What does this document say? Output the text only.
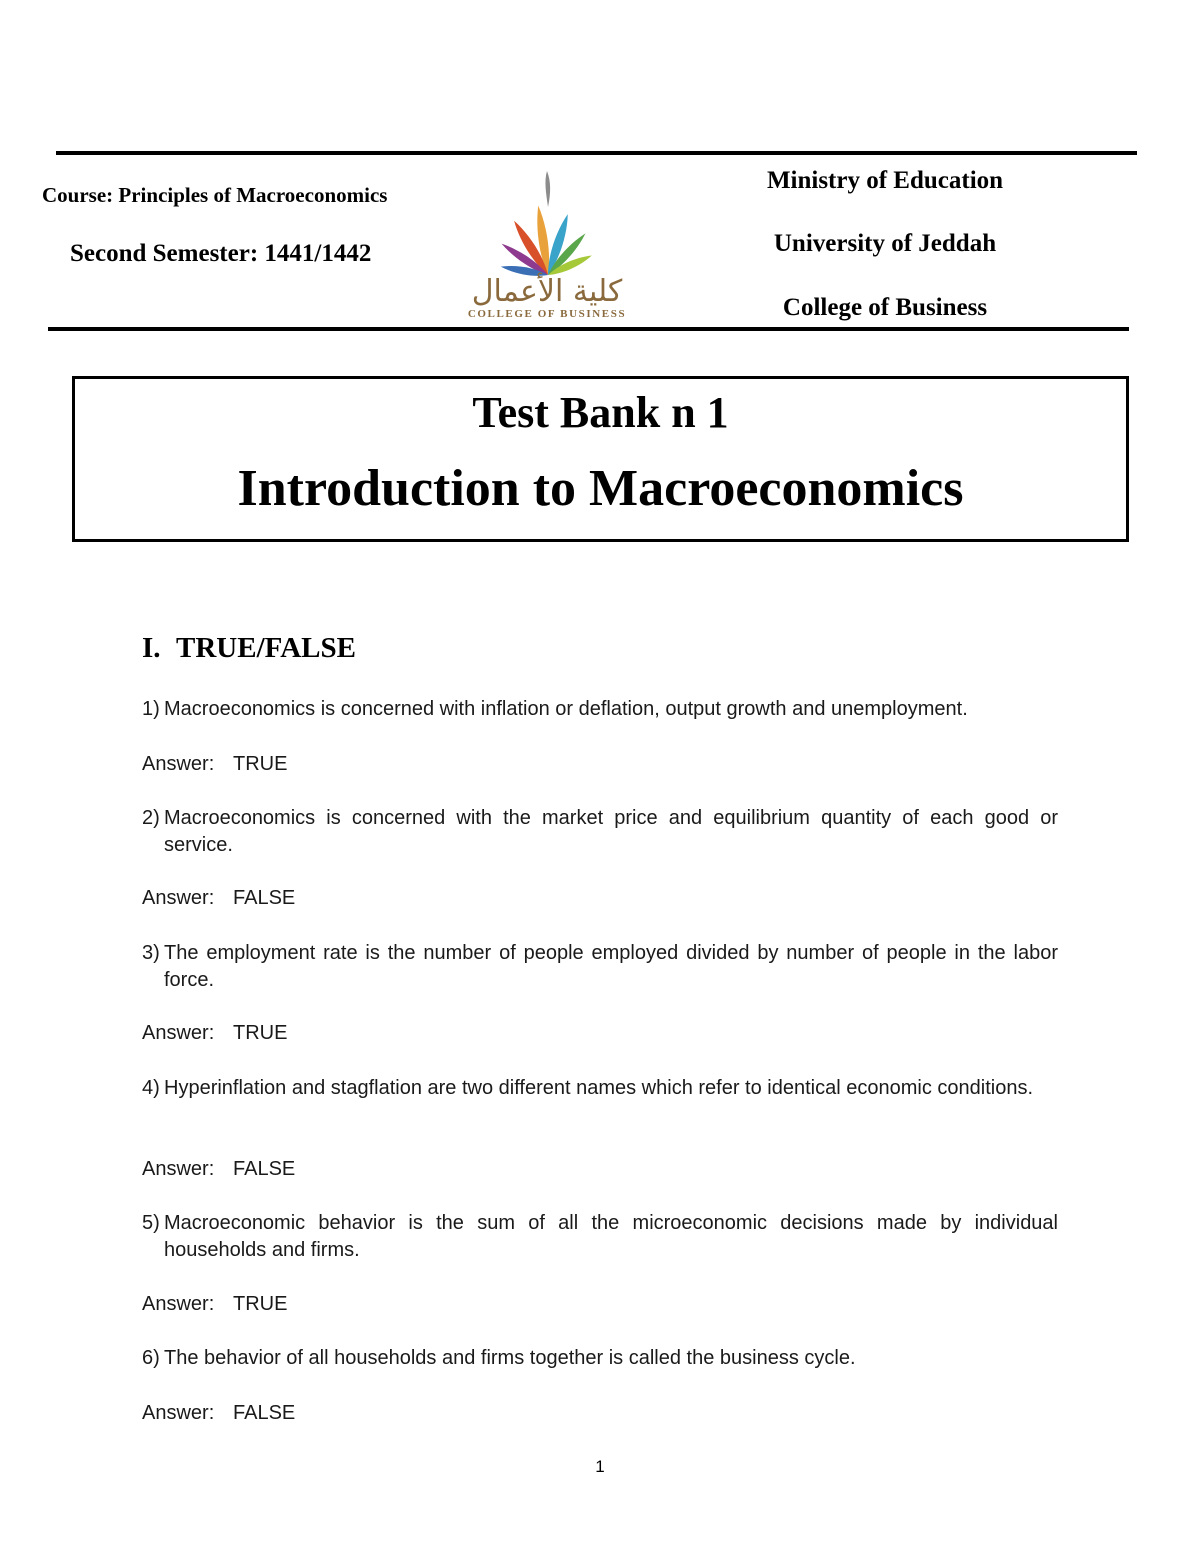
Course: Principles of Macroeconomics
Second Semester: 1441/1442
كلية الأعمال
COLLEGE OF BUSINESS
Ministry of Education
University of Jeddah
College of Business
Test Bank n 1
Introduction to Macroeconomics
I. TRUE/FALSE
1) Macroeconomics is concerned with inflation or deflation, output growth and unemployment.
Answer: TRUE
2) Macroeconomics is concerned with the market price and equilibrium quantity of each good or service.
Answer: FALSE
3) The employment rate is the number of people employed divided by number of people in the labor force.
Answer: TRUE
4) Hyperinflation and stagflation are two different names which refer to identical economic conditions.
Answer: FALSE
5) Macroeconomic behavior is the sum of all the microeconomic decisions made by individual households and firms.
Answer: TRUE
6) The behavior of all households and firms together is called the business cycle.
Answer: FALSE
1
